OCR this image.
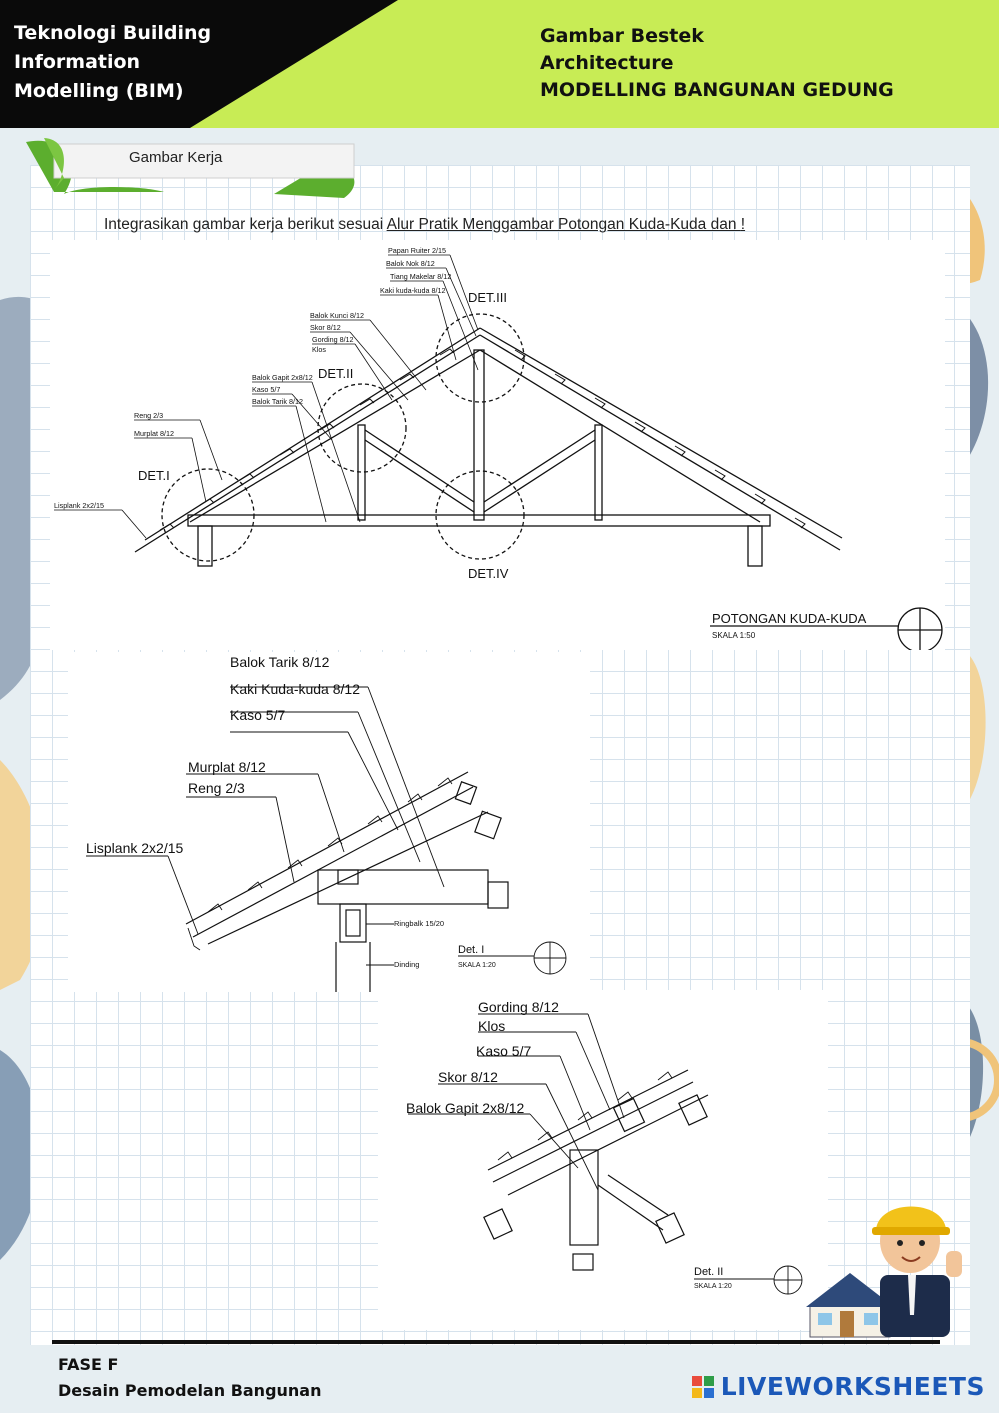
Teknologi Building
Information
Modelling (BIM)
Gambar Bestek
Architecture
MODELLING BANGUNAN GEDUNG
Gambar Kerja
Integrasikan gambar kerja berikut sesuai Alur Pratik Menggambar Potongan Kuda-Kuda dan !
Papan Ruiter 2/15
Balok Nok 8/12
Tiang Makelar 8/12
Kaki kuda-kuda 8/12
Balok Kunci 8/12
Skor 8/12
Gording 8/12
Klos
Balok Gapit 2x8/12
Kaso 5/7
Balok Tarik 8/12
Reng 2/3
Murplat 8/12
Lisplank 2x2/15
DET.I
DET.II
DET.III
DET.IV
POTONGAN KUDA-KUDA
SKALA 1:50
Balok Tarik 8/12
Kaki Kuda-kuda 8/12
Kaso 5/7
Murplat 8/12
Reng 2/3
Lisplank 2x2/15
Ringbalk 15/20
Dinding
Det. I
SKALA 1:20
Gording 8/12
Klos
Kaso 5/7
Skor 8/12
Balok Gapit 2x8/12
Det. II
SKALA 1:20
FASE F
Desain Pemodelan Bangunan	LIVEWORKSHEETS
